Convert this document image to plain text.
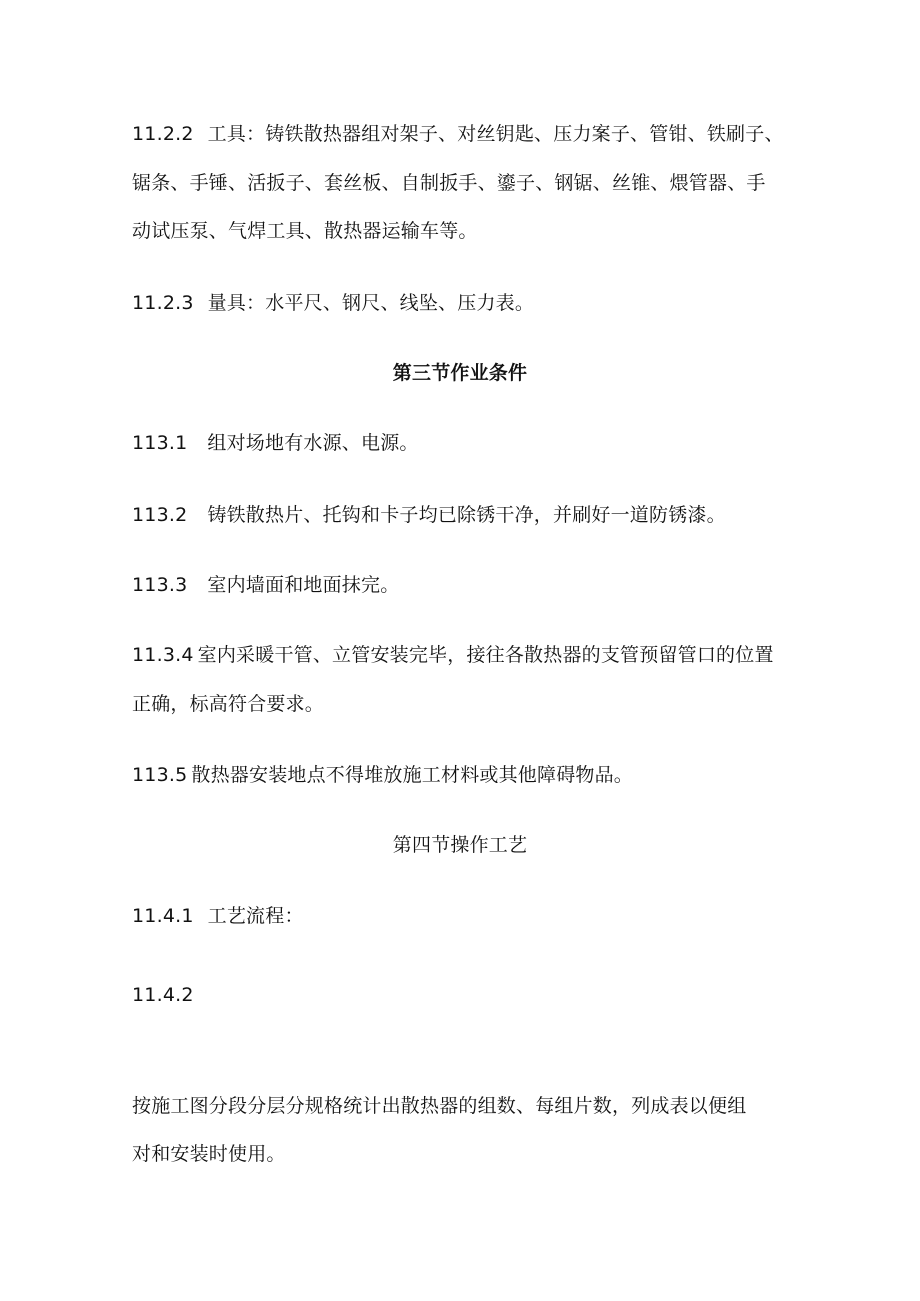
11.2.2 工具：铸铁散热器组对架子、对丝钥匙、压力案子、管钳、铁刷子、
锯条、手锤、活扳子、套丝板、自制扳手、鎏子、钢锯、丝锥、煨管器、手
动试压泵、气焊工具、散热器运输车等。
11.2.3 量具：水平尺、钢尺、线坠、压力表。
第三节作业条件
113.1 组对场地有水源、电源。
113.2 铸铁散热片、托钩和卡子均已除锈干净，并刷好一道防锈漆。
113.3 室内墙面和地面抹完。
11.3.4 室内采暖干管、立管安装完毕，接往各散热器的支管预留管口的位置
正确，标高符合要求。
113.5 散热器安装地点不得堆放施工材料或其他障碍物品。
第四节操作工艺
11.4.1 工艺流程：
11.4.2
按施工图分段分层分规格统计出散热器的组数、每组片数，列成表以便组
对和安装时使用。
